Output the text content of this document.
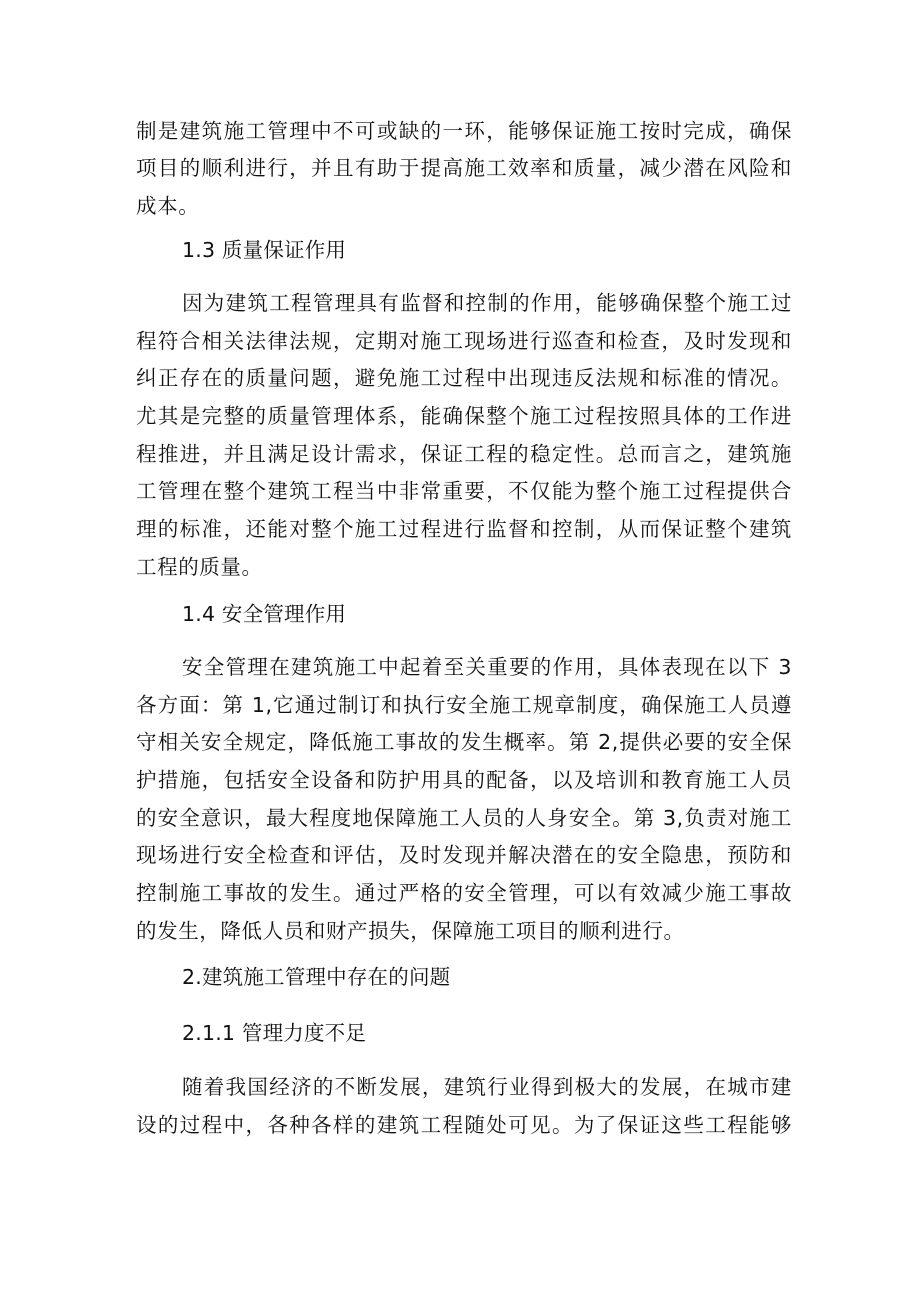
制是建筑施工管理中不可或缺的一环，能够保证施工按时完成，确保
项目的顺利进行，并且有助于提高施工效率和质量，减少潜在风险和
成本。
1.3 质量保证作用
因为建筑工程管理具有监督和控制的作用，能够确保整个施工过
程符合相关法律法规，定期对施工现场进行巡查和检查，及时发现和
纠正存在的质量问题，避免施工过程中出现违反法规和标准的情况。
尤其是完整的质量管理体系，能确保整个施工过程按照具体的工作进
程推进，并且满足设计需求，保证工程的稳定性。总而言之，建筑施
工管理在整个建筑工程当中非常重要，不仅能为整个施工过程提供合
理的标准，还能对整个施工过程进行监督和控制，从而保证整个建筑
工程的质量。
1.4 安全管理作用
安全管理在建筑施工中起着至关重要的作用，具体表现在以下 3
各方面：第 1,它通过制订和执行安全施工规章制度，确保施工人员遵
守相关安全规定，降低施工事故的发生概率。第 2,提供必要的安全保
护措施，包括安全设备和防护用具的配备，以及培训和教育施工人员
的安全意识，最大程度地保障施工人员的人身安全。第 3,负责对施工
现场进行安全检查和评估，及时发现并解决潜在的安全隐患，预防和
控制施工事故的发生。通过严格的安全管理，可以有效减少施工事故
的发生，降低人员和财产损失，保障施工项目的顺利进行。
2.建筑施工管理中存在的问题
2.1.1 管理力度不足
随着我国经济的不断发展，建筑行业得到极大的发展，在城市建
设的过程中，各种各样的建筑工程随处可见。为了保证这些工程能够
